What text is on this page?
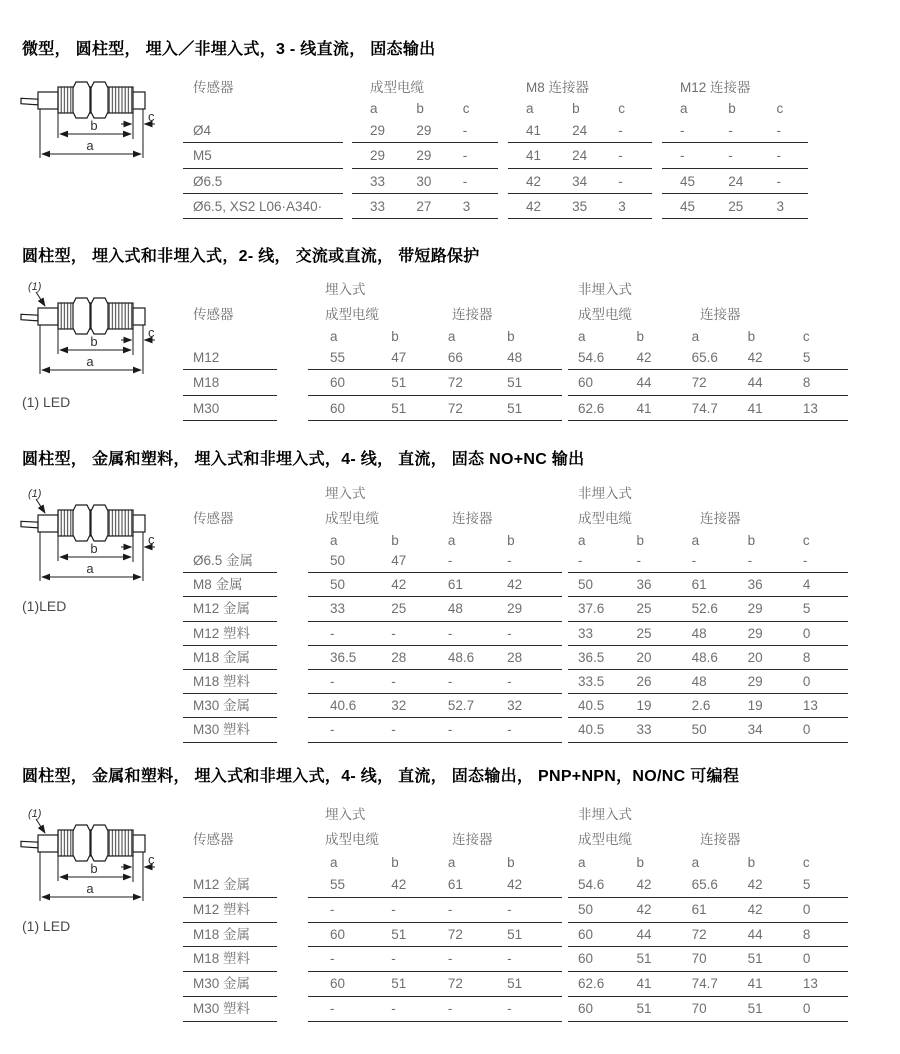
微型， 圆柱型， 埋入／非埋入式，3 - 线直流， 固态输出
传感器	成型电缆	M8 连接器	M12 连接器
a	b	c	a	b	c	a	b	c
Ø4	29	29	-	41	24	-	-	-	-
M5	29	29	-	41	24	-	-	-	-
Ø6.5	33	30	-	42	34	-	45	24	-
Ø6.5, XS2 L06·A340·	33	27	3	42	35	3	45	25	3
圆柱型， 埋入式和非埋入式，2- 线， 交流或直流， 带短路保护
(1)
(1) LED
埋入式	非埋入式
传感器	成型电缆	连接器	成型电缆	连接器
a	b	a	b	a	b	a	b	c
M12	55	47	66	48	54.6	42	65.6	42	5
M18	60	51	72	51	60	44	72	44	8
M30	60	51	72	51	62.6	41	74.7	41	13
圆柱型， 金属和塑料， 埋入式和非埋入式，4- 线， 直流， 固态 NO+NC 输出
(1)
(1)LED
埋入式	非埋入式
传感器	成型电缆	连接器	成型电缆	连接器
a	b	a	b	a	b	a	b	c
Ø6.5 金属	50	47	-	-	-	-	-	-	-
M8 金属	50	42	61	42	50	36	61	36	4
M12 金属	33	25	48	29	37.6	25	52.6	29	5
M12 塑料	-	-	-	-	33	25	48	29	0
M18 金属	36.5	28	48.6	28	36.5	20	48.6	20	8
M18 塑料	-	-	-	-	33.5	26	48	29	0
M30 金属	40.6	32	52.7	32	40.5	19	2.6	19	13
M30 塑料	-	-	-	-	40.5	33	50	34	0
圆柱型， 金属和塑料， 埋入式和非埋入式，4- 线， 直流， 固态输出， PNP+NPN，NO/NC 可编程
(1)
(1) LED
埋入式	非埋入式
传感器	成型电缆	连接器	成型电缆	连接器
a	b	a	b	a	b	a	b	c
M12 金属	55	42	61	42	54.6	42	65.6	42	5
M12 塑料	-	-	-	-	50	42	61	42	0
M18 金属	60	51	72	51	60	44	72	44	8
M18 塑料	-	-	-	-	60	51	70	51	0
M30 金属	60	51	72	51	62.6	41	74.7	41	13
M30 塑料	-	-	-	-	60	51	70	51	0
